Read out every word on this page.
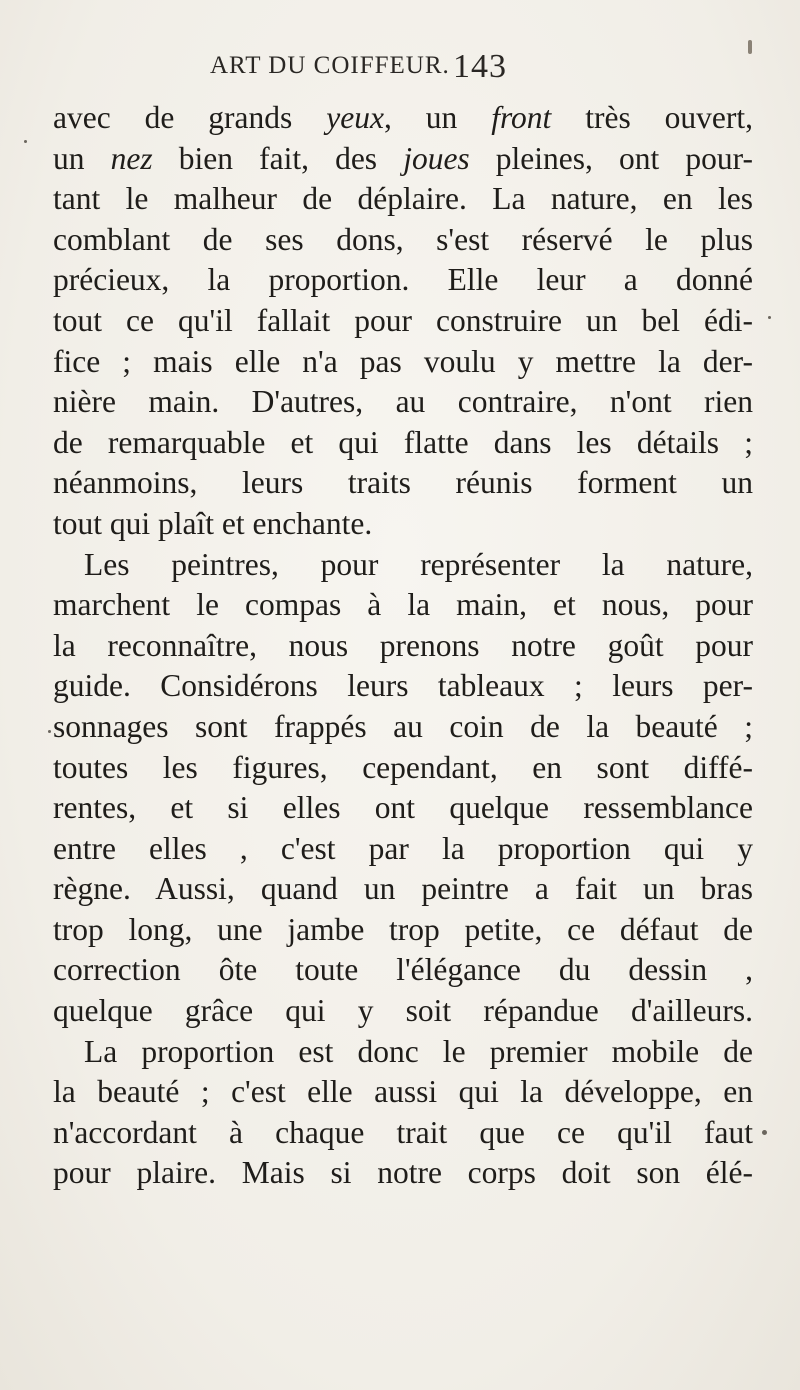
ART DU COIFFEUR. 143
avec de grands yeux, un front très ouvert,
un nez bien fait, des joues pleines, ont pour-
tant le malheur de déplaire. La nature, en les
comblant de ses dons, s'est réservé le plus
précieux, la proportion. Elle leur a donné
tout ce qu'il fallait pour construire un bel édi-
fice ; mais elle n'a pas voulu y mettre la der-
nière main. D'autres, au contraire, n'ont rien
de remarquable et qui flatte dans les détails ;
néanmoins, leurs traits réunis forment un
tout qui plaît et enchante.
Les peintres, pour représenter la nature,
marchent le compas à la main, et nous, pour
la reconnaître, nous prenons notre goût pour
guide. Considérons leurs tableaux ; leurs per-
sonnages sont frappés au coin de la beauté ;
toutes les figures, cependant, en sont diffé-
rentes, et si elles ont quelque ressemblance
entre elles , c'est par la proportion qui y
règne. Aussi, quand un peintre a fait un bras
trop long, une jambe trop petite, ce défaut de
correction ôte toute l'élégance du dessin ,
quelque grâce qui y soit répandue d'ailleurs.
La proportion est donc le premier mobile de
la beauté ; c'est elle aussi qui la développe, en
n'accordant à chaque trait que ce qu'il faut
pour plaire. Mais si notre corps doit son élé-
